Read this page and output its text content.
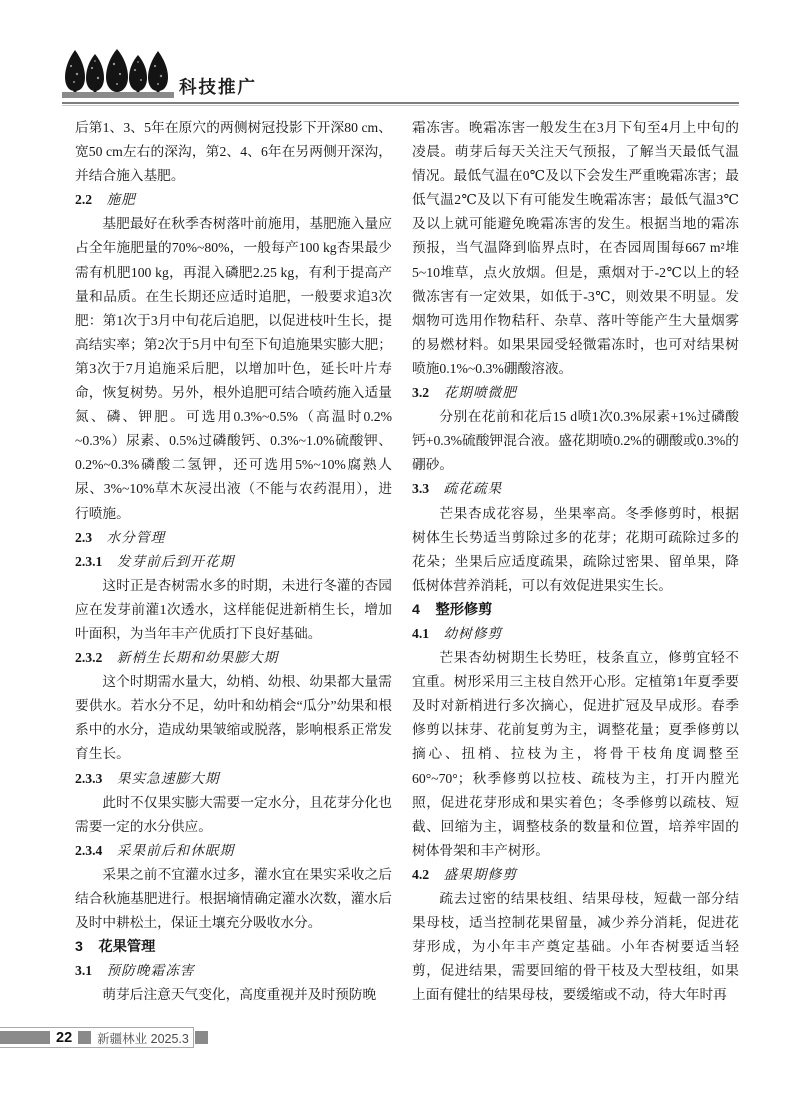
科技推广
后第1、3、5年在原穴的两侧树冠投影下开深80 cm、宽50 cm左右的深沟，第2、4、6年在另两侧开深沟，并结合施入基肥。
2.2 施肥
基肥最好在秋季杏树落叶前施用，基肥施入量应占全年施肥量的70%~80%，一般每产100 kg杏果最少需有机肥100 kg，再混入磷肥2.25 kg，有利于提高产量和品质。在生长期还应适时追肥，一般要求追3次肥：第1次于3月中旬花后追肥，以促进枝叶生长，提高结实率；第2次于5月中旬至下旬追施果实膨大肥；第3次于7月追施采后肥，以增加叶色，延长叶片寿命，恢复树势。另外，根外追肥可结合喷药施入适量氮、磷、钾肥。可选用0.3%~0.5%（高温时0.2% ~0.3%）尿素、0.5%过磷酸钙、0.3%~1.0%硫酸钾、0.2%~0.3%磷酸二氢钾，还可选用5%~10%腐熟人尿、3%~10%草木灰浸出液（不能与农药混用），进行喷施。
2.3 水分管理
2.3.1 发芽前后到开花期
这时正是杏树需水多的时期，未进行冬灌的杏园应在发芽前灌1次透水，这样能促进新梢生长，增加叶面积，为当年丰产优质打下良好基础。
2.3.2 新梢生长期和幼果膨大期
这个时期需水量大，幼梢、幼根、幼果都大量需要供水。若水分不足，幼叶和幼梢会“瓜分”幼果和根系中的水分，造成幼果皱缩或脱落，影响根系正常发育生长。
2.3.3 果实急速膨大期
此时不仅果实膨大需要一定水分，且花芽分化也需要一定的水分供应。
2.3.4 采果前后和休眠期
采果之前不宜灌水过多，灌水宜在果实采收之后结合秋施基肥进行。根据墒情确定灌水次数，灌水后及时中耕松土，保证土壤充分吸收水分。
3 花果管理
3.1 预防晚霜冻害
萌芽后注意天气变化，高度重视并及时预防晚
霜冻害。晚霜冻害一般发生在3月下旬至4月上中旬的凌晨。萌芽后每天关注天气预报，了解当天最低气温情况。最低气温在0℃及以下会发生严重晚霜冻害；最低气温2℃及以下有可能发生晚霜冻害；最低气温3℃及以上就可能避免晚霜冻害的发生。根据当地的霜冻预报，当气温降到临界点时，在杏园周围每667 m²堆5~10堆草，点火放烟。但是，熏烟对于-2℃以上的轻微冻害有一定效果，如低于-3℃，则效果不明显。发烟物可选用作物秸秆、杂草、落叶等能产生大量烟雾的易燃材料。如果果园受轻微霜冻时，也可对结果树喷施0.1%~0.3%硼酸溶液。
3.2 花期喷微肥
分别在花前和花后15 d喷1次0.3%尿素+1%过磷酸钙+0.3%硫酸钾混合液。盛花期喷0.2%的硼酸或0.3%的硼砂。
3.3 疏花疏果
芒果杏成花容易，坐果率高。冬季修剪时，根据树体生长势适当剪除过多的花芽；花期可疏除过多的花朵；坐果后应适度疏果，疏除过密果、留单果，降低树体营养消耗，可以有效促进果实生长。
4 整形修剪
4.1 幼树修剪
芒果杏幼树期生长势旺，枝条直立，修剪宜轻不宜重。树形采用三主枝自然开心形。定植第1年夏季要及时对新梢进行多次摘心，促进扩冠及早成形。春季修剪以抹芽、花前复剪为主，调整花量；夏季修剪以摘心、扭梢、拉枝为主，将骨干枝角度调整至60°~70°；秋季修剪以拉枝、疏枝为主，打开内膛光照，促进花芽形成和果实着色；冬季修剪以疏枝、短截、回缩为主，调整枝条的数量和位置，培养牢固的树体骨架和丰产树形。
4.2 盛果期修剪
疏去过密的结果枝组、结果母枝，短截一部分结果母枝，适当控制花果留量，减少养分消耗，促进花芽形成，为小年丰产奠定基础。小年杏树要适当轻剪，促进结果，需要回缩的骨干枝及大型枝组，如果上面有健壮的结果母枝，要缓缩或不动，待大年时再
22 新疆林业 2025.3
